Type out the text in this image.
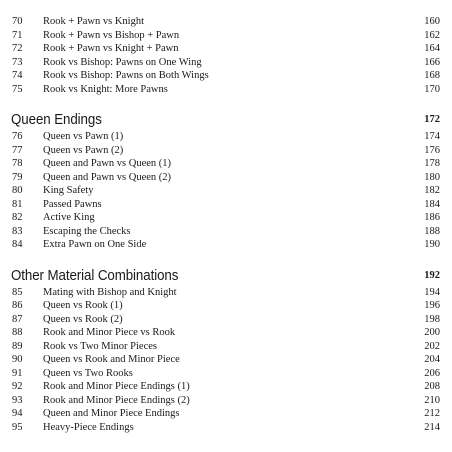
70 Rook + Pawn vs Knight	160
71 Rook + Pawn vs Bishop + Pawn	162
72 Rook + Pawn vs Knight + Pawn	164
73 Rook vs Bishop: Pawns on One Wing	166
74 Rook vs Bishop: Pawns on Both Wings	168
75 Rook vs Knight: More Pawns	170
Queen Endings	172
76 Queen vs Pawn (1)	174
77 Queen vs Pawn (2)	176
78 Queen and Pawn vs Queen (1)	178
79 Queen and Pawn vs Queen (2)	180
80 King Safety	182
81 Passed Pawns	184
82 Active King	186
83 Escaping the Checks	188
84 Extra Pawn on One Side	190
Other Material Combinations	192
85 Mating with Bishop and Knight	194
86 Queen vs Rook (1)	196
87 Queen vs Rook (2)	198
88 Rook and Minor Piece vs Rook	200
89 Rook vs Two Minor Pieces	202
90 Queen vs Rook and Minor Piece	204
91 Queen vs Two Rooks	206
92 Rook and Minor Piece Endings (1)	208
93 Rook and Minor Piece Endings (2)	210
94 Queen and Minor Piece Endings	212
95 Heavy-Piece Endings	214
